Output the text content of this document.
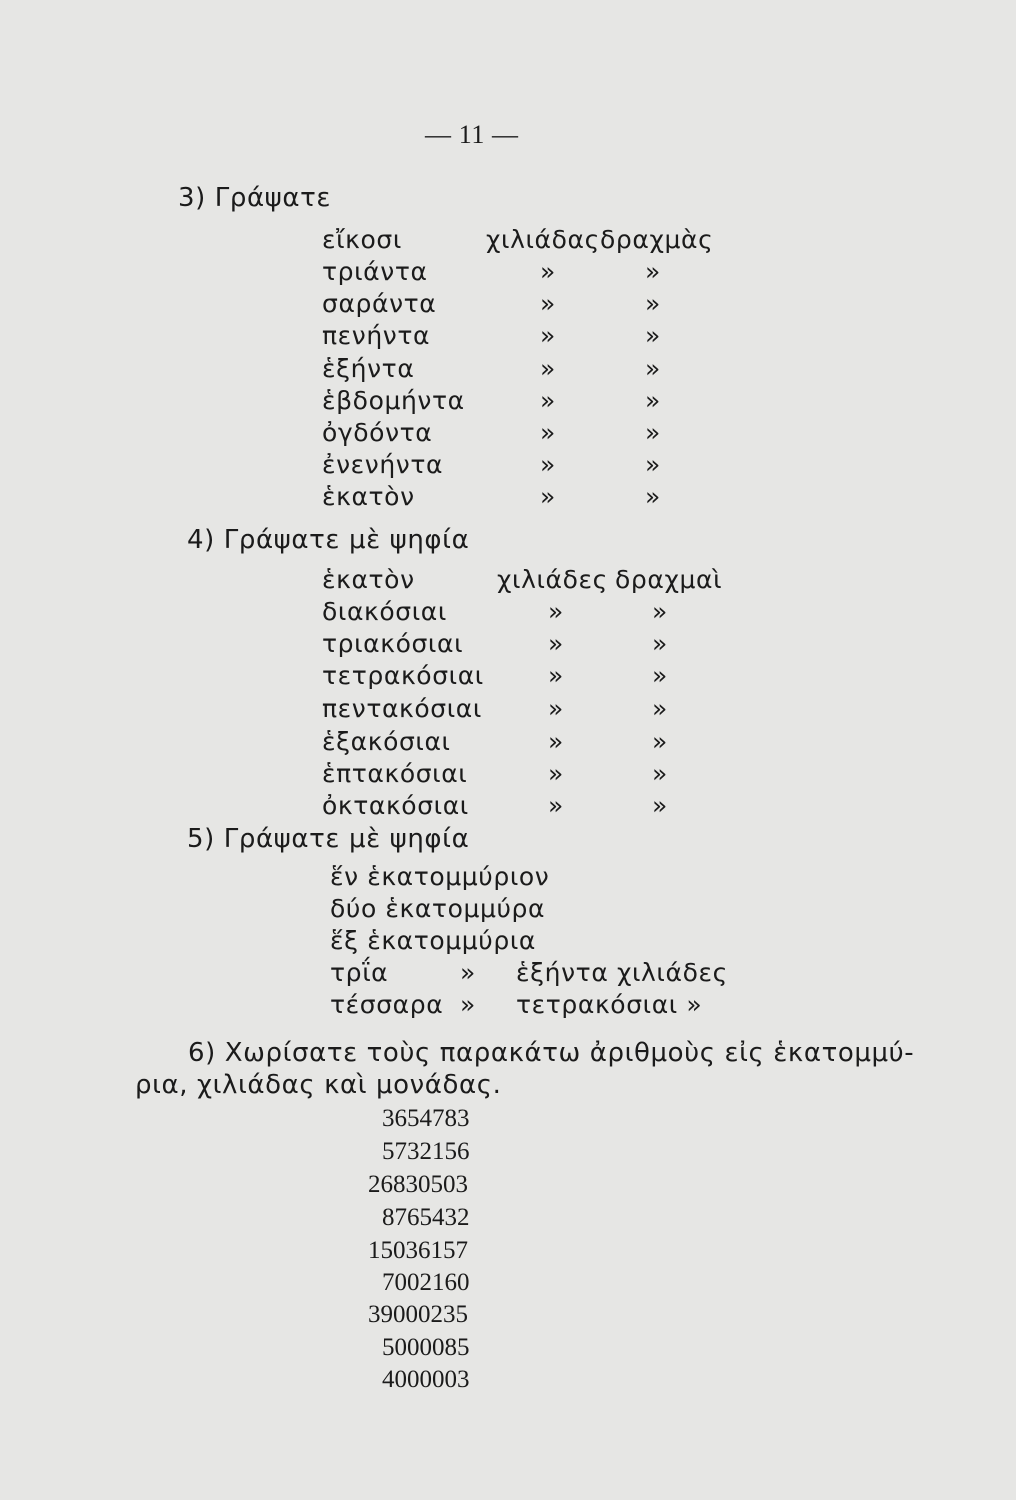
— 11 —
3) Γράψατε
εἴκοσι	χιλιάδας δραχμὰς
τριάντα	»	»
σαράντα	»	»
πενήντα	»	»
ἑξήντα	»	»
ἑβδομήντα	»	»
ὀγδόντα	»	»
ἐνενήντα	»	»
ἑκατὸν	»	»
4) Γράψατε μὲ ψηφία
ἑκατὸν	χιλιάδες δραχμαὶ
διακόσιαι	»	»
τριακόσιαι	»	»
τετρακόσιαι	»	»
πεντακόσιαι	»	»
ἑξακόσιαι	»	»
ἑπτακόσιαι	»	»
ὀκτακόσιαι	»	»
5) Γράψατε μὲ ψηφία
ἕν ἑκατομμύριον
δύο ἑκατομμύρα
ἕξ ἑκατομμύρια
τρΐα	» ἑξήντα χιλιάδες
τέσσαρα » τετρακόσιαι »
6) Χωρίσατε τοὺς παρακάτω ἀριθμοὺς εἰς ἑκατομμύ-
ρια, χιλιάδας καὶ μονάδας.
3654783
5732156
26830503
8765432
15036157
7002160
39000235
5000085
4000003
